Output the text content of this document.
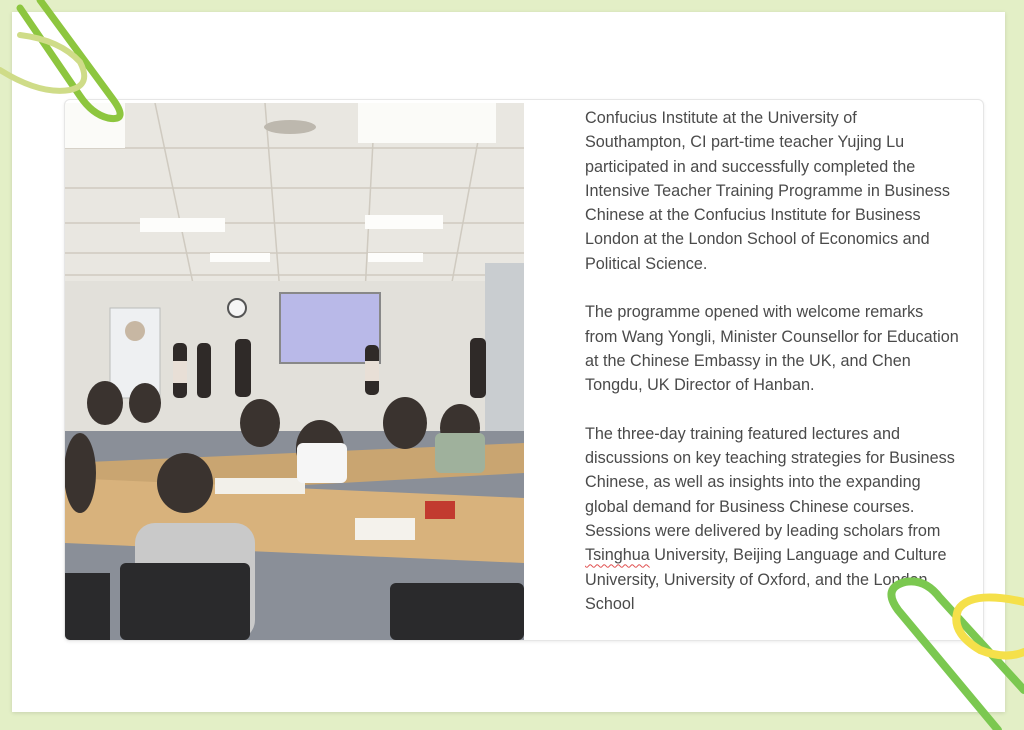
Confucius Institute at the University of Southampton, CI part-time teacher Yujing Lu participated in and successfully completed the Intensive Teacher Training Programme in Business Chinese at the Confucius Institute for Business London at the London School of Economics and Political Science.

The programme opened with welcome remarks from Wang Yongli, Minister Counsellor for Education at the Chinese Embassy in the UK, and Chen Tongdu, UK Director of Hanban.

The three-day training featured lectures and discussions on key teaching strategies for Business Chinese, as well as insights into the expanding global demand for Business Chinese courses. Sessions were delivered by leading scholars from Tsinghua University, Beijing Language and Culture University, University of Oxford, and the London School
